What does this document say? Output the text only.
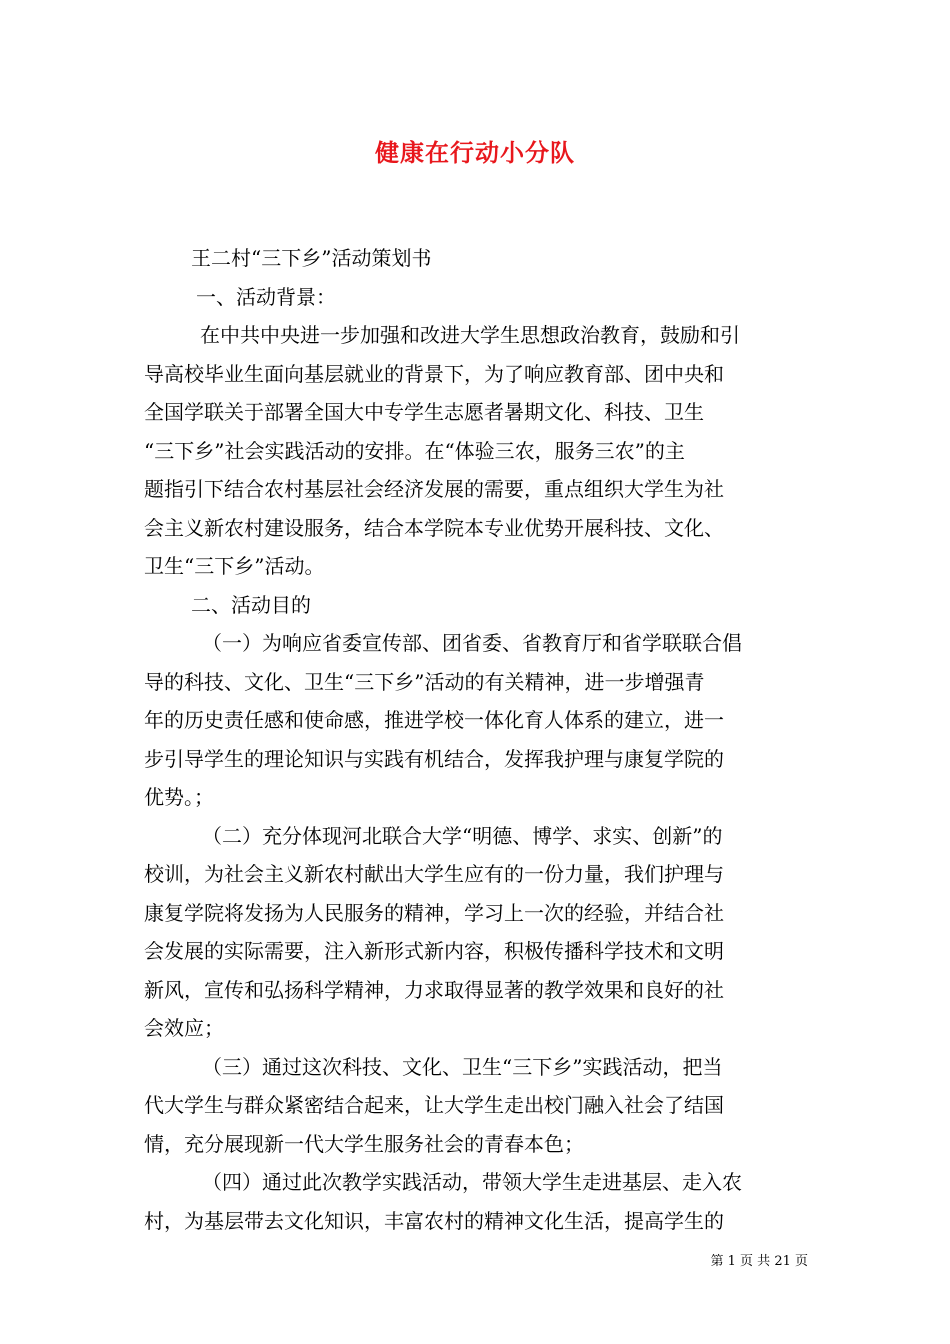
健康在行动小分队
王二村“三下乡”活动策划书
一、活动背景：
在中共中央进一步加强和改进大学生思想政治教育，鼓励和引
导高校毕业生面向基层就业的背景下，为了响应教育部、团中央和
全国学联关于部署全国大中专学生志愿者暑期文化、科技、卫生
“三下乡”社会实践活动的安排。在“体验三农，服务三农”的主
题指引下结合农村基层社会经济发展的需要，重点组织大学生为社
会主义新农村建设服务，结合本学院本专业优势开展科技、文化、
卫生“三下乡”活动。
二、活动目的
（一）为响应省委宣传部、团省委、省教育厅和省学联联合倡
导的科技、文化、卫生“三下乡”活动的有关精神，进一步增强青
年的历史责任感和使命感，推进学校一体化育人体系的建立，进一
步引导学生的理论知识与实践有机结合，发挥我护理与康复学院的
优势。；
（二）充分体现河北联合大学“明德、博学、求实、创新”的
校训，为社会主义新农村献出大学生应有的一份力量，我们护理与
康复学院将发扬为人民服务的精神，学习上一次的经验，并结合社
会发展的实际需要，注入新形式新内容，积极传播科学技术和文明
新风，宣传和弘扬科学精神，力求取得显著的教学效果和良好的社
会效应；
（三）通过这次科技、文化、卫生“三下乡”实践活动，把当
代大学生与群众紧密结合起来，让大学生走出校门融入社会了结国
情，充分展现新一代大学生服务社会的青春本色；
（四）通过此次教学实践活动，带领大学生走进基层、走入农
村，为基层带去文化知识，丰富农村的精神文化生活，提高学生的
第 1 页 共 21 页
